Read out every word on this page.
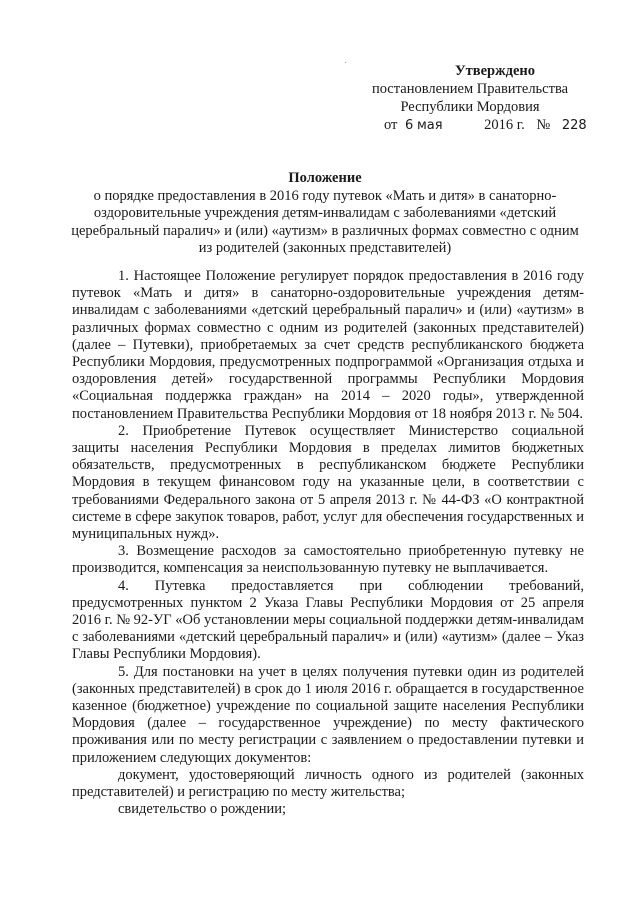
·	Утверждено
постановлением Правительства
Республики Мордовия
от 6 мая	2016 г. № 228
Положение
о порядке предоставления в 2016 году путевок «Мать и дитя» в санаторно-оздоровительные учреждения детям-инвалидам с заболеваниями «детский церебральный паралич» и (или) «аутизм» в различных формах совместно с одним из родителей (законных представителей)

1. Настоящее Положение регулирует порядок предоставления в 2016 году путевок «Мать и дитя» в санаторно-оздоровительные учреждения детям-инвалидам с заболеваниями «детский церебральный паралич» и (или) «аутизм» в различных формах совместно с одним из родителей (законных представителей) (далее – Путевки), приобретаемых за счет средств республиканского бюджета Республики Мордовия, предусмотренных подпрограммой «Организация отдыха и оздоровления детей» государственной программы Республики Мордовия «Социальная поддержка граждан» на 2014 – 2020 годы», утвержденной постановлением Правительства Республики Мордовия от 18 ноября 2013 г. № 504.

2. Приобретение Путевок осуществляет Министерство социальной защиты населения Республики Мордовия в пределах лимитов бюджетных обязательств, предусмотренных в республиканском бюджете Республики Мордовия в текущем финансовом году на указанные цели, в соответствии с требованиями Федерального закона от 5 апреля 2013 г. № 44-ФЗ «О контрактной системе в сфере закупок товаров, работ, услуг для обеспечения государственных и муниципальных нужд».

3. Возмещение расходов за самостоятельно приобретенную путевку не производится, компенсация за неиспользованную путевку не выплачивается.

4. Путевка предоставляется при соблюдении требований, предусмотренных пунктом 2 Указа Главы Республики Мордовия от 25 апреля 2016 г. № 92-УГ «Об установлении меры социальной поддержки детям-инвалидам с заболеваниями «детский церебральный паралич» и (или) «аутизм» (далее – Указ Главы Республики Мордовия).

5. Для постановки на учет в целях получения путевки один из родителей (законных представителей) в срок до 1 июля 2016 г. обращается в государственное казенное (бюджетное) учреждение по социальной защите населения Республики Мордовия (далее – государственное учреждение) по месту фактического проживания или по месту регистрации с заявлением о предоставлении путевки и приложением следующих документов:

документ, удостоверяющий личность одного из родителей (законных представителей) и регистрацию по месту жительства;

свидетельство о рождении;
